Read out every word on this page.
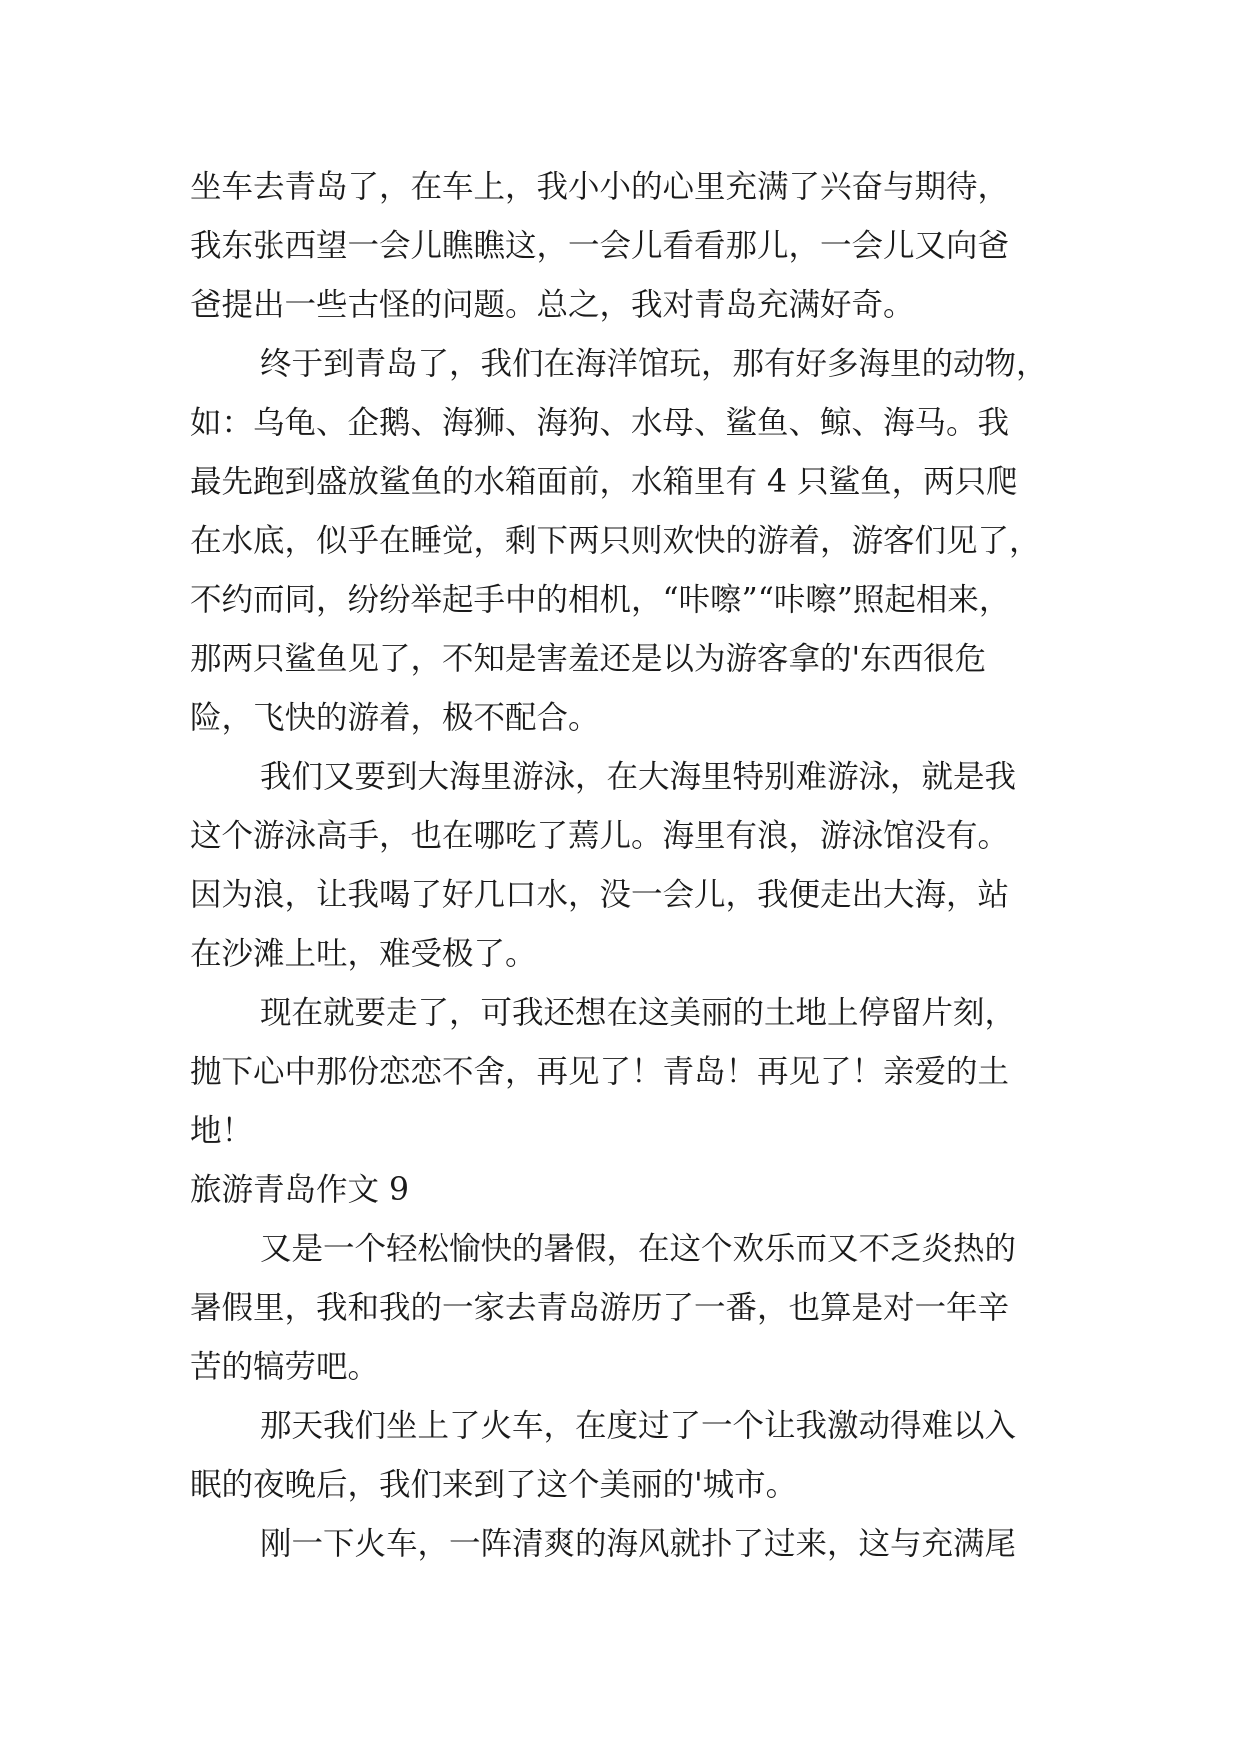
坐车去青岛了，在车上，我小小的心里充满了兴奋与期待，
我东张西望一会儿瞧瞧这，一会儿看看那儿，一会儿又向爸
爸提出一些古怪的问题。总之，我对青岛充满好奇。
终于到青岛了，我们在海洋馆玩，那有好多海里的动物，
如：乌龟、企鹅、海狮、海狗、水母、鲨鱼、鲸、海马。我
最先跑到盛放鲨鱼的水箱面前，水箱里有 4 只鲨鱼，两只爬
在水底，似乎在睡觉，剩下两只则欢快的游着，游客们见了，
不约而同，纷纷举起手中的相机，“咔嚓”“咔嚓”照起相来，
那两只鲨鱼见了，不知是害羞还是以为游客拿的'东西很危
险，飞快的游着，极不配合。
我们又要到大海里游泳，在大海里特别难游泳，就是我
这个游泳高手，也在哪吃了蔫儿。海里有浪，游泳馆没有。
因为浪，让我喝了好几口水，没一会儿，我便走出大海，站
在沙滩上吐，难受极了。
现在就要走了，可我还想在这美丽的土地上停留片刻，
抛下心中那份恋恋不舍，再见了！青岛！再见了！亲爱的土
地！
旅游青岛作文 9
又是一个轻松愉快的暑假，在这个欢乐而又不乏炎热的
暑假里，我和我的一家去青岛游历了一番，也算是对一年辛
苦的犒劳吧。
那天我们坐上了火车，在度过了一个让我激动得难以入
眠的夜晚后，我们来到了这个美丽的'城市。
刚一下火车，一阵清爽的海风就扑了过来，这与充满尾
